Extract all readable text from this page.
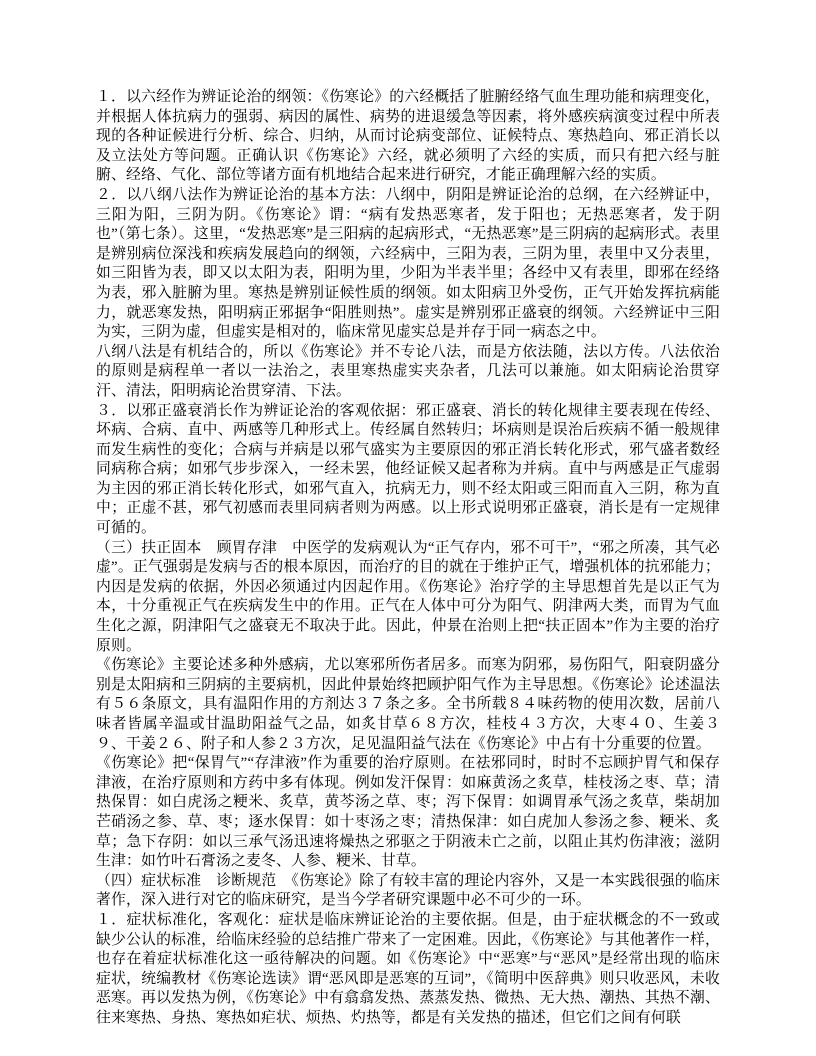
１．以六经作为辨证论治的纲领：《伤寒论》的六经概括了脏腑经络气血生理功能和病理变化，并根据人体抗病力的强弱、病因的属性、病势的进退缓急等因素，将外感疾病演变过程中所表现的各种证候进行分析、综合、归纳，从而讨论病变部位、证候特点、寒热趋向、邪正消长以及立法处方等问题。正确认识《伤寒论》六经，就必须明了六经的实质，而只有把六经与脏腑、经络、气化、部位等诸方面有机地结合起来进行研究，才能正确理解六经的实质。

２．以八纲八法作为辨证论治的基本方法：八纲中，阴阳是辨证论治的总纲，在六经辨证中，三阳为阳，三阴为阴。《伤寒论》谓：“病有发热恶寒者，发于阳也；无热恶寒者，发于阴也”（第七条）。这里，“发热恶寒”是三阳病的起病形式，“无热恶寒”是三阴病的起病形式。表里是辨别病位深浅和疾病发展趋向的纲领，六经病中，三阳为表，三阴为里，表里中又分表里，如三阳皆为表，即又以太阳为表，阳明为里，少阳为半表半里；各经中又有表里，即邪在经络为表，邪入脏腑为里。寒热是辨别证候性质的纲领。如太阳病卫外受伤，正气开始发挥抗病能力，就恶寒发热，阳明病正邪据争“阳胜则热”。虚实是辨别邪正盛衰的纲领。六经辨证中三阳为实，三阴为虚，但虚实是相对的，临床常见虚实总是并存于同一病态之中。

八纲八法是有机结合的，所以《伤寒论》并不专论八法，而是方依法随，法以方传。八法依治的原则是病程单一者以一法治之，表里寒热虚实夹杂者，几法可以兼施。如太阳病论治贯穿汗、清法，阳明病论治贯穿清、下法。

３．以邪正盛衰消长作为辨证论治的客观依据：邪正盛衰、消长的转化规律主要表现在传经、坏病、合病、直中、两感等几种形式上。传经属自然转归；坏病则是误治后疾病不循一般规律而发生病性的变化；合病与并病是以邪气盛实为主要原因的邪正消长转化形式，邪气盛者数经同病称合病；如邪气步步深入，一经未罢，他经证候又起者称为并病。直中与两感是正气虚弱为主因的邪正消长转化形式，如邪气直入，抗病无力，则不经太阳或三阳而直入三阴，称为直中；正虚不甚，邪气初感而表里同病者则为两感。以上形式说明邪正盛衰，消长是有一定规律可循的。

（三）扶正固本　顾胃存津　中医学的发病观认为“正气存内，邪不可干”，“邪之所凑，其气必虚”。正气强弱是发病与否的根本原因，而治疗的目的就在于维护正气，增强机体的抗邪能力；内因是发病的依据，外因必须通过内因起作用。《伤寒论》治疗学的主导思想首先是以正气为本，十分重视正气在疾病发生中的作用。正气在人体中可分为阳气、阴津两大类，而胃为气血生化之源，阴津阳气之盛衰无不取决于此。因此，仲景在治则上把“扶正固本”作为主要的治疗原则。

《伤寒论》主要论述多种外感病，尤以寒邪所伤者居多。而寒为阴邪，易伤阳气，阳衰阴盛分别是太阳病和三阴病的主要病机，因此仲景始终把顾护阳气作为主导思想。《伤寒论》论述温法有５６条原文，具有温阳作用的方剂达３７条之多。全书所载８４味药物的使用次数，居前八味者皆属辛温或甘温助阳益气之品，如炙甘草６８方次，桂枝４３方次，大枣４０、生姜３９、干姜２６、附子和人参２３方次，足见温阳益气法在《伤寒论》中占有十分重要的位置。

《伤寒论》把“保胃气”“存津液”作为重要的治疗原则。在祛邪同时，时时不忘顾护胃气和保存津液，在治疗原则和方药中多有体现。例如发汗保胃：如麻黄汤之炙草，桂枝汤之枣、草；清热保胃：如白虎汤之粳米、炙草，黄芩汤之草、枣；泻下保胃：如调胃承气汤之炙草，柴胡加芒硝汤之参、草、枣；逐水保胃：如十枣汤之枣；清热保津：如白虎加人参汤之参、粳米、炙草；急下存阴：如以三承气汤迅速将燥热之邪驱之于阴液未亡之前，以阻止其灼伤津液；滋阴生津：如竹叶石膏汤之麦冬、人参、粳米、甘草。

（四）症状标准　诊断规范　《伤寒论》除了有较丰富的理论内容外，又是一本实践很强的临床著作，深入进行对它的临床研究，是当今学者研究课题中必不可少的一环。

１．症状标准化，客观化：症状是临床辨证论治的主要依据。但是，由于症状概念的不一致或缺少公认的标准，给临床经验的总结推广带来了一定困难。因此，《伤寒论》与其他著作一样，也存在着症状标准化这一亟待解决的问题。如《伤寒论》中“恶寒”与“恶风”是经常出现的临床症状，统编教材《伤寒论选读》谓“恶风即是恶寒的互词”，《简明中医辞典》则只收恶风，未收恶寒。再以发热为例，《伤寒论》中有翕翕发热、蒸蒸发热、微热、无大热、潮热、其热不潮、往来寒热、身热、寒热如疟状、烦热、灼热等，都是有关发热的描述，但它们之间有何联
